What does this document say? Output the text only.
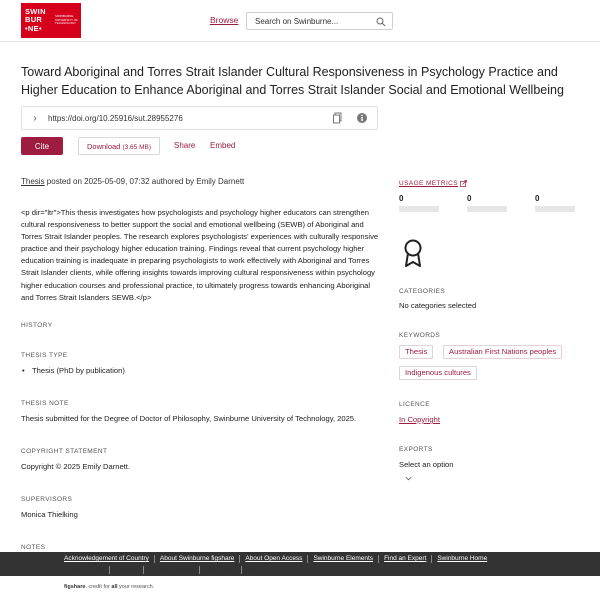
SWIN
BUR
•NE•
SWINBURNE UNIVERSITY OF TECHNOLOGY	Browse
Search on Swinburne...
Toward Aboriginal and Torres Strait Islander Cultural Responsiveness in Psychology Practice and Higher Education to Enhance Aboriginal and Torres Strait Islander Social and Emotional Wellbeing
›	https://doi.org/10.25916/sut.28955276
Cite	Download (3.65 MB)	Share Embed
Thesis posted on 2025-05-09, 07:32 authored by Emily Darnett
<p dir="ltr">This thesis investigates how psychologists and psychology higher educators can strengthen cultural responsiveness to better support the social and emotional wellbeing (SEWB) of Aboriginal and Torres Strait Islander peoples. The research explores psychologists' experiences with culturally responsive practice and their psychology higher education training. Findings reveal that current psychology higher education training is inadequate in preparing psychologists to work effectively with Aboriginal and Torres Strait Islander clients, while offering insights towards improving cultural responsiveness within psychology higher education courses and professional practice, to ultimately progress towards enhancing Aboriginal and Torres Strait Islanders SEWB.</p>
HISTORY
THESIS TYPE
• Thesis (PhD by publication)
THESIS NOTE
Thesis submitted for the Degree of Doctor of Philosophy, Swinburne University of Technology, 2025.
COPYRIGHT STATEMENT
Copyright © 2025 Emily Darnett.
SUPERVISORS
Monica Thielking
NOTES
USAGE METRICS
0	0	0
CATEGORIES
No categories selected
KEYWORDS
Thesis	Australian First Nations peoples
Indigenous cultures
LICENCE
In Copyright
EXPORTS
Select an option
Acknowledgement of Country	About Swinburne figshare	About Open Access	Swinburne Elements	Find an Expert	Swinburne Home
Privacy Policy	Contact	Cookie Settings	Disclaimer	Sitemap
figshare. credit for all your research.
